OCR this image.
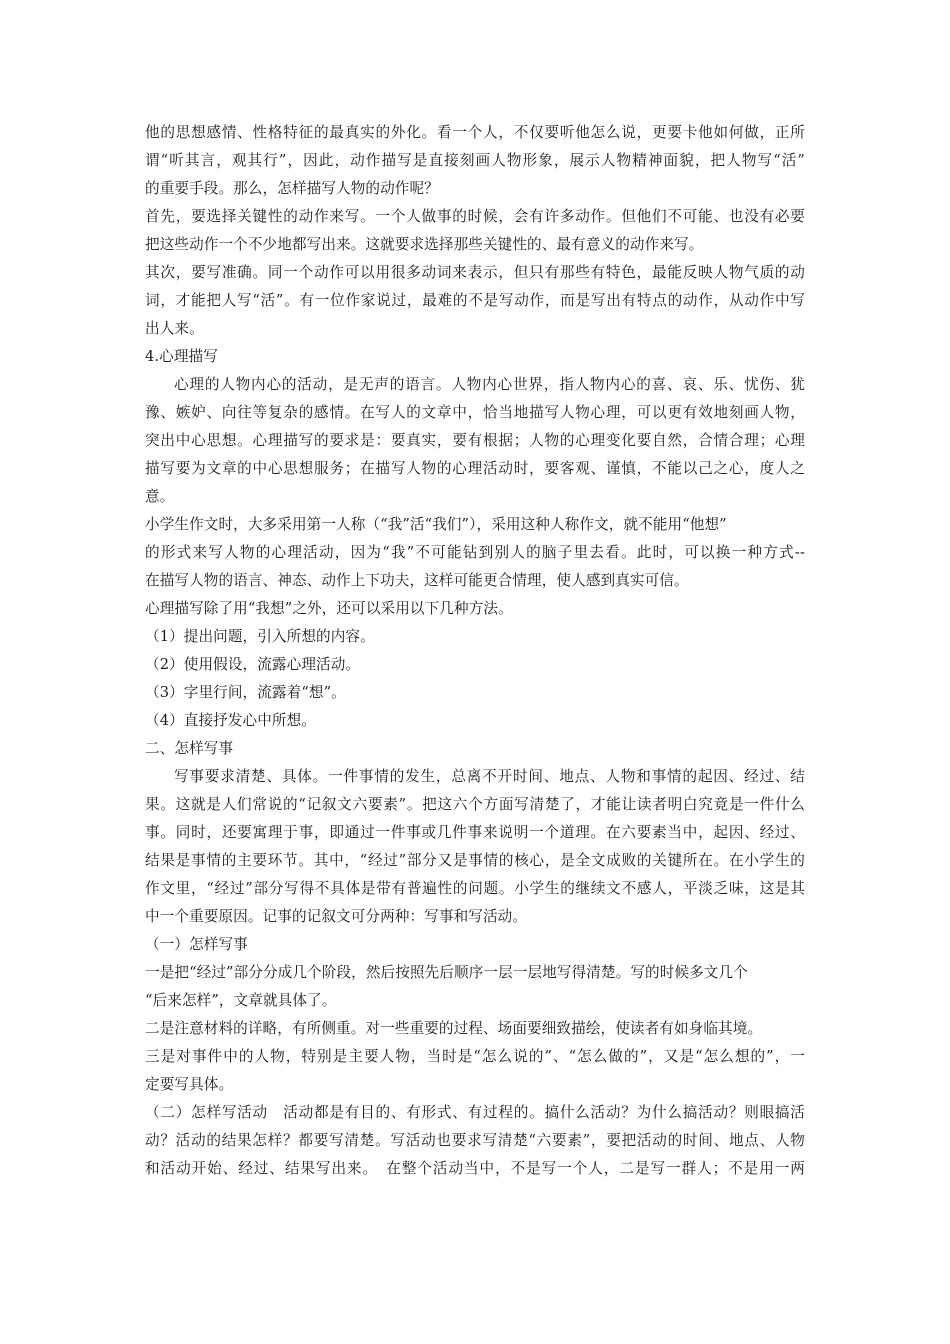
他的思想感情、性格特征的最真实的外化。看一个人，不仅要听他怎么说，更要卡他如何做，正所
谓“听其言，观其行”，因此，动作描写是直接刻画人物形象，展示人物精神面貌，把人物写“活”
的重要手段。那么，怎样描写人物的动作呢？
首先，要选择关键性的动作来写。一个人做事的时候，会有许多动作。但他们不可能、也没有必要
把这些动作一个不少地都写出来。这就要求选择那些关键性的、最有意义的动作来写。
其次，要写准确。同一个动作可以用很多动词来表示，但只有那些有特色，最能反映人物气质的动
词，才能把人写“活”。有一位作家说过，最难的不是写动作，而是写出有特点的动作，从动作中写
出人来。
4.心理描写
心理的人物内心的活动，是无声的语言。人物内心世界，指人物内心的喜、哀、乐、忧伤、犹
豫、嫉妒、向往等复杂的感情。在写人的文章中，恰当地描写人物心理，可以更有效地刻画人物，
突出中心思想。心理描写的要求是：要真实，要有根据；人物的心理变化要自然，合情合理；心理
描写要为文章的中心思想服务；在描写人物的心理活动时，要客观、谨慎，不能以己之心，度人之
意。
小学生作文时，大多采用第一人称（“我”活“我们”），采用这种人称作文，就不能用“他想”
的形式来写人物的心理活动，因为“我”不可能钻到别人的脑子里去看。此时，可以换一种方式--
在描写人物的语言、神态、动作上下功夫，这样可能更合情理，使人感到真实可信。
心理描写除了用“我想”之外，还可以采用以下几种方法。
（1）提出问题，引入所想的内容。
（2）使用假设，流露心理活动。
（3）字里行间，流露着“想”。
（4）直接抒发心中所想。
二、怎样写事
写事要求清楚、具体。一件事情的发生，总离不开时间、地点、人物和事情的起因、经过、结
果。这就是人们常说的“记叙文六要素”。把这六个方面写清楚了，才能让读者明白究竟是一件什么
事。同时，还要寓理于事，即通过一件事或几件事来说明一个道理。在六要素当中，起因、经过、
结果是事情的主要环节。其中，“经过”部分又是事情的核心，是全文成败的关键所在。在小学生的
作文里，“经过”部分写得不具体是带有普遍性的问题。小学生的继续文不感人，平淡乏味，这是其
中一个重要原因。记事的记叙文可分两种：写事和写活动。
（一）怎样写事
一是把“经过”部分分成几个阶段，然后按照先后顺序一层一层地写得清楚。写的时候多文几个
“后来怎样”，文章就具体了。
二是注意材料的详略，有所侧重。对一些重要的过程、场面要细致描绘，使读者有如身临其境。
三是对事件中的人物，特别是主要人物，当时是“怎么说的”、“怎么做的”，又是“怎么想的”，一
定要写具体。
（二）怎样写活动　活动都是有目的、有形式、有过程的。搞什么活动？为什么搞活动？则眼搞活
动？活动的结果怎样？都要写清楚。写活动也要求写清楚“六要素”，要把活动的时间、地点、人物
和活动开始、经过、结果写出来。　在整个活动当中，不是写一个人，二是写一群人；不是用一两
